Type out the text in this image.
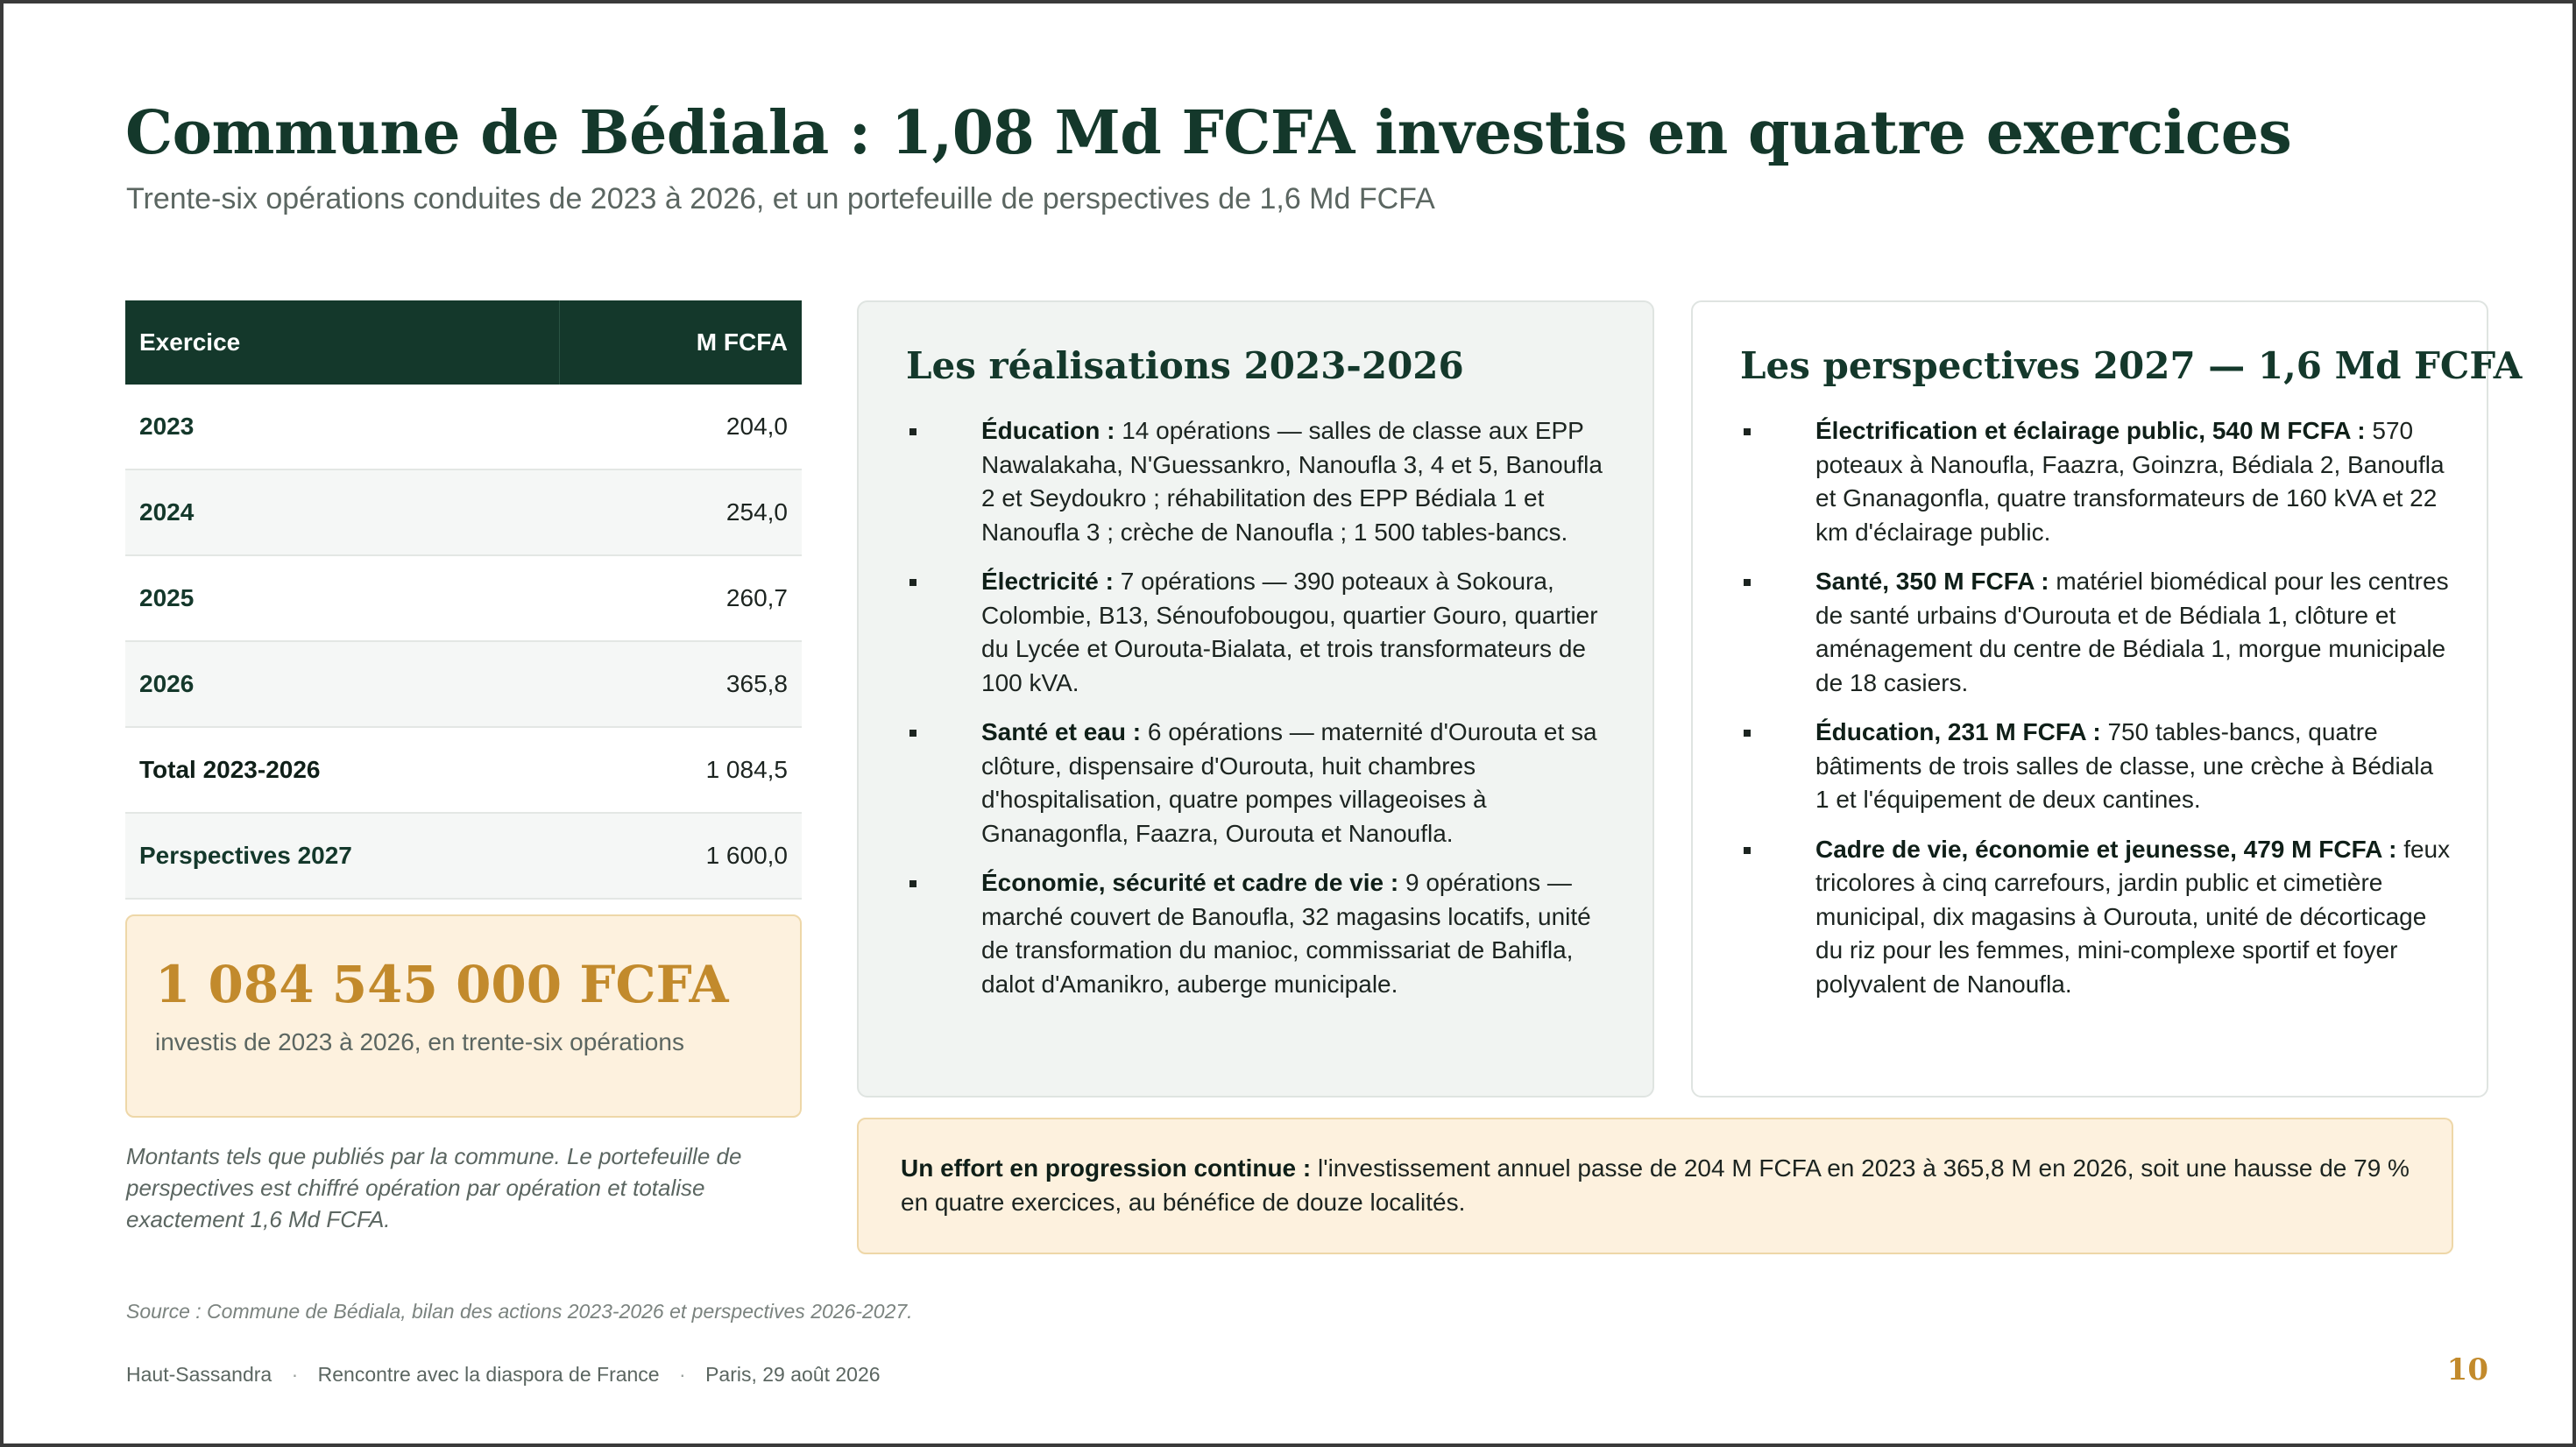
Commune de Bédiala : 1,08 Md FCFA investis en quatre exercices
Trente-six opérations conduites de 2023 à 2026, et un portefeuille de perspectives de 1,6 Md FCFA
Exercice	M FCFA
2023	204,0
2024	254,0
2025	260,7
2026	365,8
Total 2023-2026	1 084,5
Perspectives 2027	1 600,0
1 084 545 000 FCFA
investis de 2023 à 2026, en trente-six opérations
Montants tels que publiés par la commune. Le portefeuille de perspectives est chiffré opération par opération et totalise exactement 1,6 Md FCFA.
Les réalisations 2023-2026
Éducation : 14 opérations — salles de classe aux EPP Nawalakaha, N'Guessankro, Nanoufla 3, 4 et 5, Banoufla 2 et Seydoukro ; réhabilitation des EPP Bédiala 1 et Nanoufla 3 ; crèche de Nanoufla ; 1 500 tables-bancs.
Électricité : 7 opérations — 390 poteaux à Sokoura, Colombie, B13, Sénoufobougou, quartier Gouro, quartier du Lycée et Ourouta-Bialata, et trois transformateurs de 100 kVA.
Santé et eau : 6 opérations — maternité d'Ourouta et sa clôture, dispensaire d'Ourouta, huit chambres d'hospitalisation, quatre pompes villageoises à Gnanagonfla, Faazra, Ourouta et Nanoufla.
Économie, sécurité et cadre de vie : 9 opérations — marché couvert de Banoufla, 32 magasins locatifs, unité de transformation du manioc, commissariat de Bahifla, dalot d'Amanikro, auberge municipale.
Les perspectives 2027 — 1,6 Md FCFA
Électrification et éclairage public, 540 M FCFA : 570 poteaux à Nanoufla, Faazra, Goinzra, Bédiala 2, Banoufla et Gnanagonfla, quatre transformateurs de 160 kVA et 22 km d'éclairage public.
Santé, 350 M FCFA : matériel biomédical pour les centres de santé urbains d'Ourouta et de Bédiala 1, clôture et aménagement du centre de Bédiala 1, morgue municipale de 18 casiers.
Éducation, 231 M FCFA : 750 tables-bancs, quatre bâtiments de trois salles de classe, une crèche à Bédiala 1 et l'équipement de deux cantines.
Cadre de vie, économie et jeunesse, 479 M FCFA : feux tricolores à cinq carrefours, jardin public et cimetière municipal, dix magasins à Ourouta, unité de décorticage du riz pour les femmes, mini-complexe sportif et foyer polyvalent de Nanoufla.
Un effort en progression continue : l'investissement annuel passe de 204 M FCFA en 2023 à 365,8 M en 2026, soit une hausse de 79 % en quatre exercices, au bénéfice de douze localités.
Source : Commune de Bédiala, bilan des actions 2023-2026 et perspectives 2026-2027.
Haut-Sassandra · Rencontre avec la diaspora de France · Paris, 29 août 2026	10
